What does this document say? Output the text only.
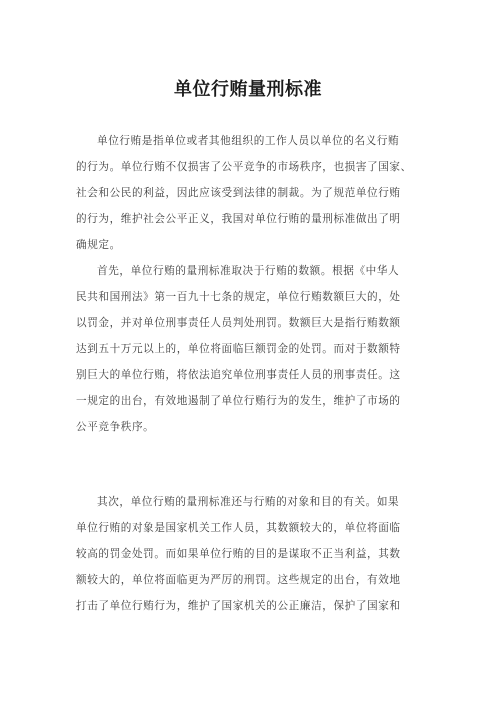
单位行贿量刑标准
单位行贿是指单位或者其他组织的工作人员以单位的名义行贿
的行为。单位行贿不仅损害了公平竞争的市场秩序，也损害了国家、
社会和公民的利益，因此应该受到法律的制裁。为了规范单位行贿
的行为，维护社会公平正义，我国对单位行贿的量刑标准做出了明
确规定。
首先，单位行贿的量刑标准取决于行贿的数额。根据《中华人
民共和国刑法》第一百九十七条的规定，单位行贿数额巨大的，处
以罚金，并对单位刑事责任人员判处刑罚。数额巨大是指行贿数额
达到五十万元以上的，单位将面临巨额罚金的处罚。而对于数额特
别巨大的单位行贿，将依法追究单位刑事责任人员的刑事责任。这
一规定的出台，有效地遏制了单位行贿行为的发生，维护了市场的
公平竞争秩序。
其次，单位行贿的量刑标准还与行贿的对象和目的有关。如果
单位行贿的对象是国家机关工作人员，其数额较大的，单位将面临
较高的罚金处罚。而如果单位行贿的目的是谋取不正当利益，其数
额较大的，单位将面临更为严厉的刑罚。这些规定的出台，有效地
打击了单位行贿行为，维护了国家机关的公正廉洁，保护了国家和
